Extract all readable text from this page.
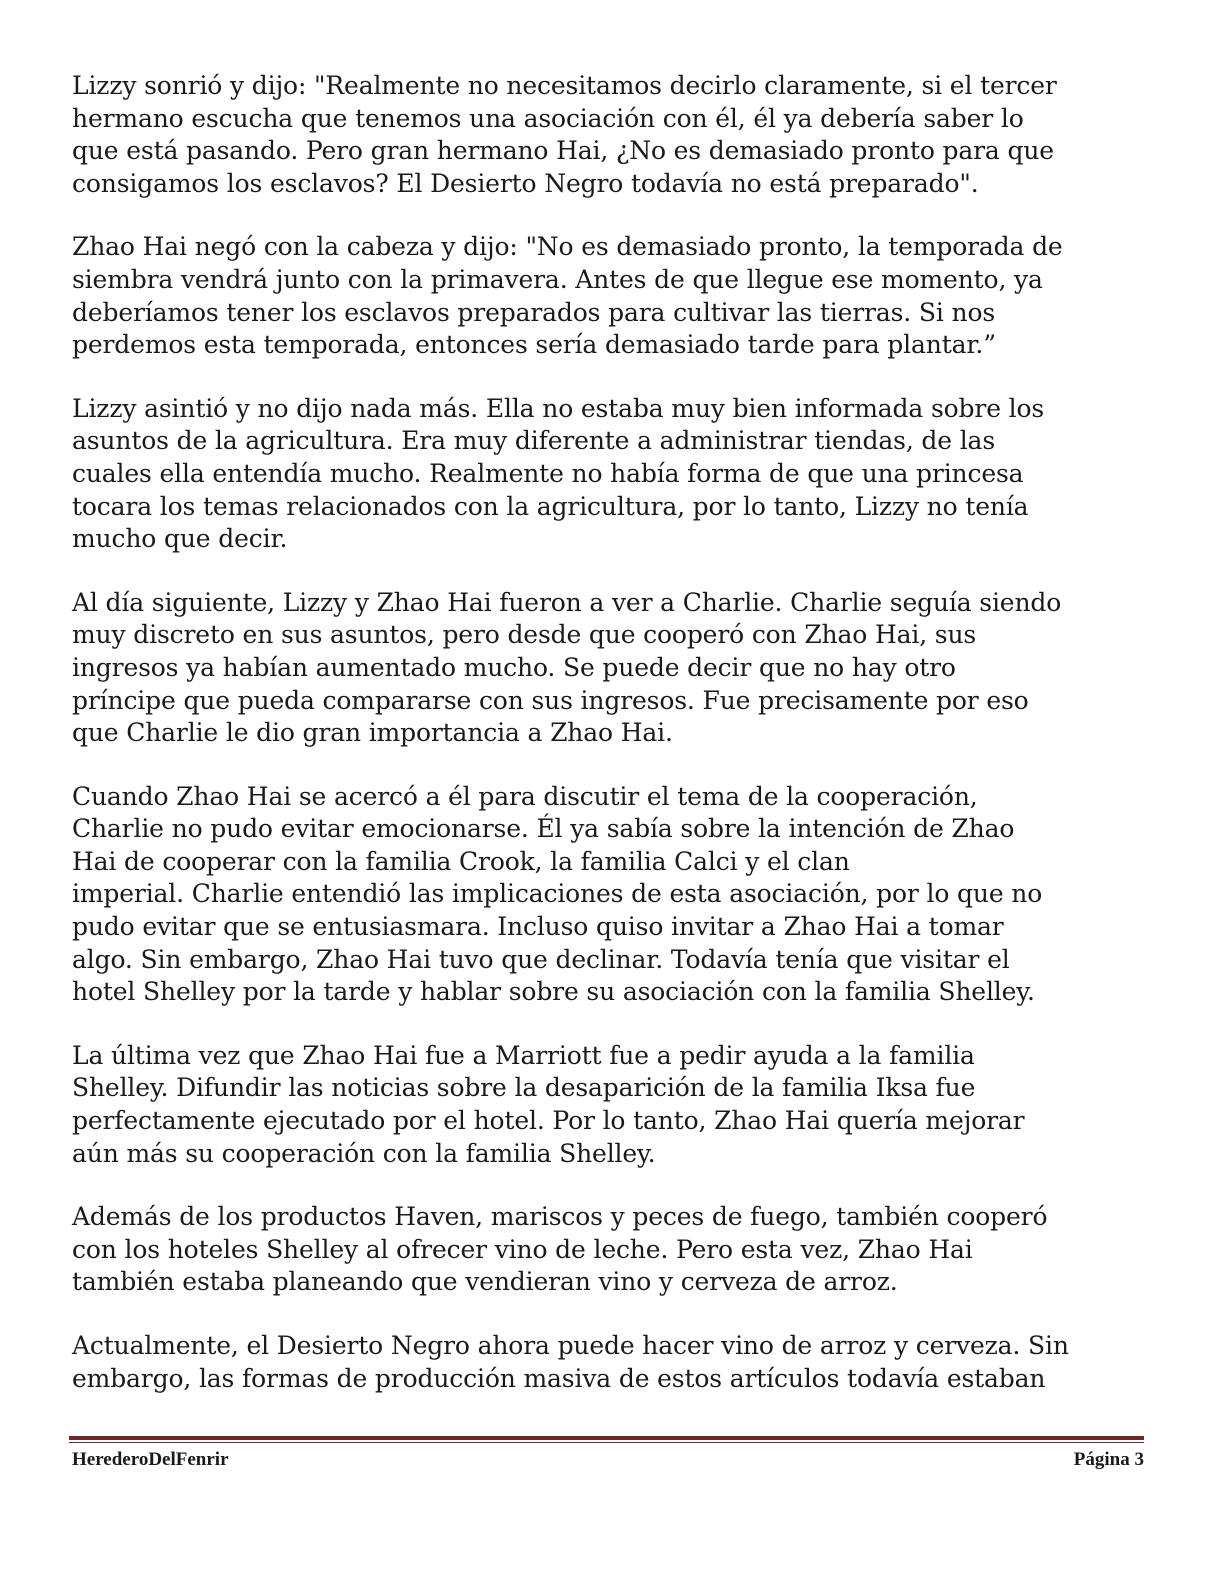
Lizzy sonrió y dijo: "Realmente no necesitamos decirlo claramente, si el tercer
hermano escucha que tenemos una asociación con él, él ya debería saber lo
que está pasando. Pero gran hermano Hai, ¿No es demasiado pronto para que
consigamos los esclavos? El Desierto Negro todavía no está preparado".

Zhao Hai negó con la cabeza y dijo: "No es demasiado pronto, la temporada de
siembra vendrá junto con la primavera. Antes de que llegue ese momento, ya
deberíamos tener los esclavos preparados para cultivar las tierras. Si nos
perdemos esta temporada, entonces sería demasiado tarde para plantar.”

Lizzy asintió y no dijo nada más. Ella no estaba muy bien informada sobre los
asuntos de la agricultura. Era muy diferente a administrar tiendas, de las
cuales ella entendía mucho. Realmente no había forma de que una princesa
tocara los temas relacionados con la agricultura, por lo tanto, Lizzy no tenía
mucho que decir.

Al día siguiente, Lizzy y Zhao Hai fueron a ver a Charlie. Charlie seguía siendo
muy discreto en sus asuntos, pero desde que cooperó con Zhao Hai, sus
ingresos ya habían aumentado mucho. Se puede decir que no hay otro
príncipe que pueda compararse con sus ingresos. Fue precisamente por eso
que Charlie le dio gran importancia a Zhao Hai.

Cuando Zhao Hai se acercó a él para discutir el tema de la cooperación,
Charlie no pudo evitar emocionarse. Él ya sabía sobre la intención de Zhao
Hai de cooperar con la familia Crook, la familia Calci y el clan
imperial. Charlie entendió las implicaciones de esta asociación, por lo que no
pudo evitar que se entusiasmara. Incluso quiso invitar a Zhao Hai a tomar
algo. Sin embargo, Zhao Hai tuvo que declinar. Todavía tenía que visitar el
hotel Shelley por la tarde y hablar sobre su asociación con la familia Shelley.

La última vez que Zhao Hai fue a Marriott fue a pedir ayuda a la familia
Shelley. Difundir las noticias sobre la desaparición de la familia Iksa fue
perfectamente ejecutado por el hotel. Por lo tanto, Zhao Hai quería mejorar
aún más su cooperación con la familia Shelley.

Además de los productos Haven, mariscos y peces de fuego, también cooperó
con los hoteles Shelley al ofrecer vino de leche. Pero esta vez, Zhao Hai
también estaba planeando que vendieran vino y cerveza de arroz.

Actualmente, el Desierto Negro ahora puede hacer vino de arroz y cerveza. Sin
embargo, las formas de producción masiva de estos artículos todavía estaban

HerederoDelFenrir	Página 3
